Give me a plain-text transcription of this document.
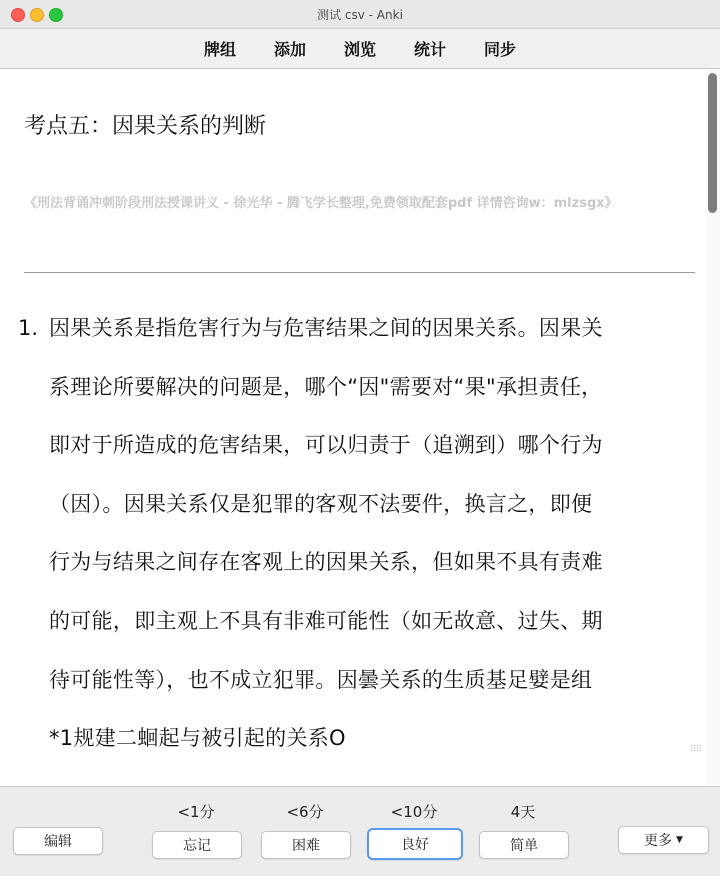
测试 csv - Anki
牌组 添加 浏览 统计 同步
考点五：因果关系的判断
《刑法背诵冲刺阶段刑法授课讲义 - 徐光华 - 腾飞学长整理,免费领取配套pdf 详情咨询w：mlzsgx》
1. 因果关系是指危害行为与危害结果之间的因果关系。因果关
系理论所要解决的问题是，哪个“因"需要对“果"承担责任，
即对于所造成的危害结果，可以归责于（追溯到）哪个行为
（因）。因果关系仅是犯罪的客观不法要件，换言之，即便
行为与结果之间存在客观上的因果关系，但如果不具有责难
的可能，即主观上不具有非难可能性（如无故意、过失、期
待可能性等），也不成立犯罪。因曇关系的生质基足嬖是组
*1规建二蛔起与被引起的关系O	⠿⠿
编辑
<1分
忘记
<6分
困难
<10分
良好
4天
简单	更多 ▼
